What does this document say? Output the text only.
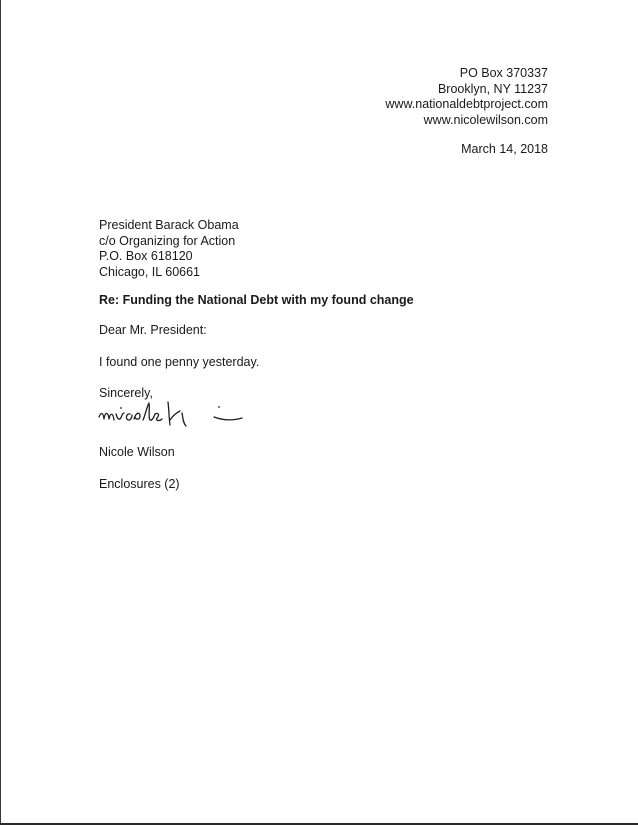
PO Box 370337
Brooklyn, NY 11237
www.nationaldebtproject.com
www.nicolewilson.com
March 14, 2018
President Barack Obama
c/o Organizing for Action
P.O. Box 618120
Chicago, IL 60661
Re: Funding the National Debt with my found change
Dear Mr. President:
I found one penny yesterday.
Sincerely,
Nicole Wilson
Enclosures (2)
